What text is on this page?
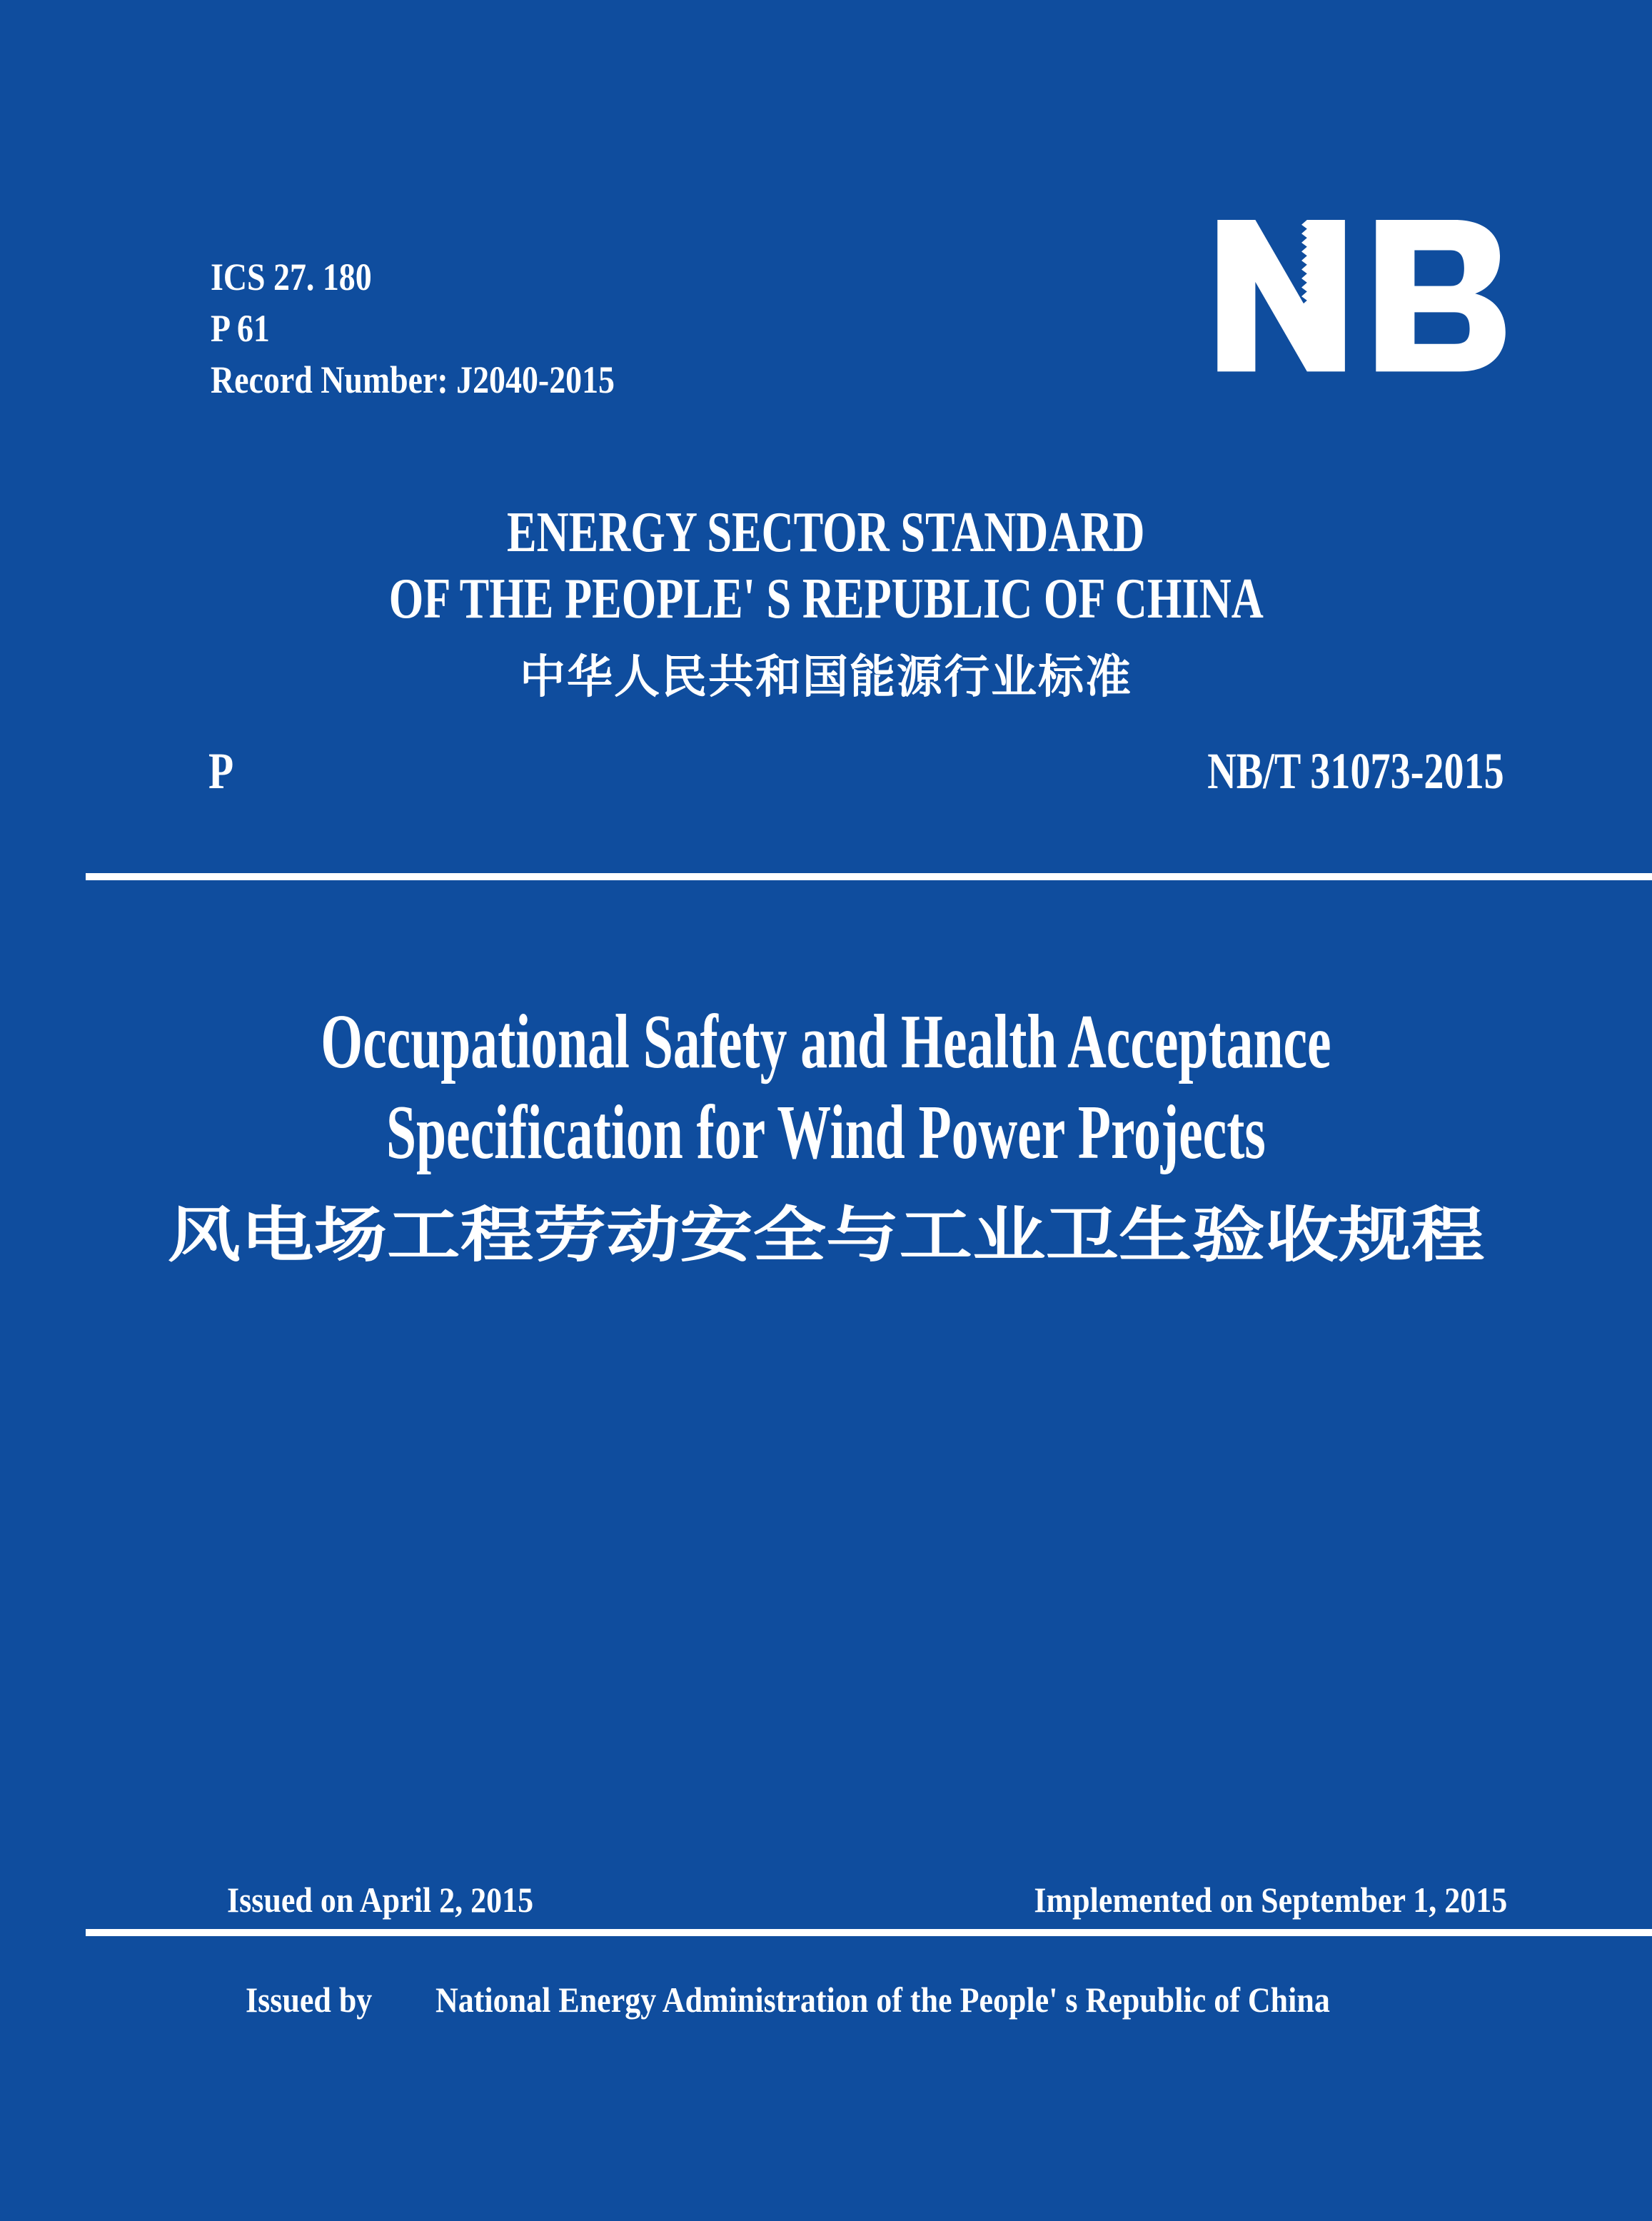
ICS 27. 180
P 61
Record Number: J2040-2015
ENERGY SECTOR STANDARD
OF THE PEOPLE' S REPUBLIC OF CHINA
中华人民共和国能源行业标准
P	NB/T 31073-2015
Occupational Safety and Health Acceptance
Specification for Wind Power Projects
风电场工程劳动安全与工业卫生验收规程
Issued on April 2, 2015	Implemented on September 1, 2015
Issued by National Energy Administration of the People' s Republic of China
